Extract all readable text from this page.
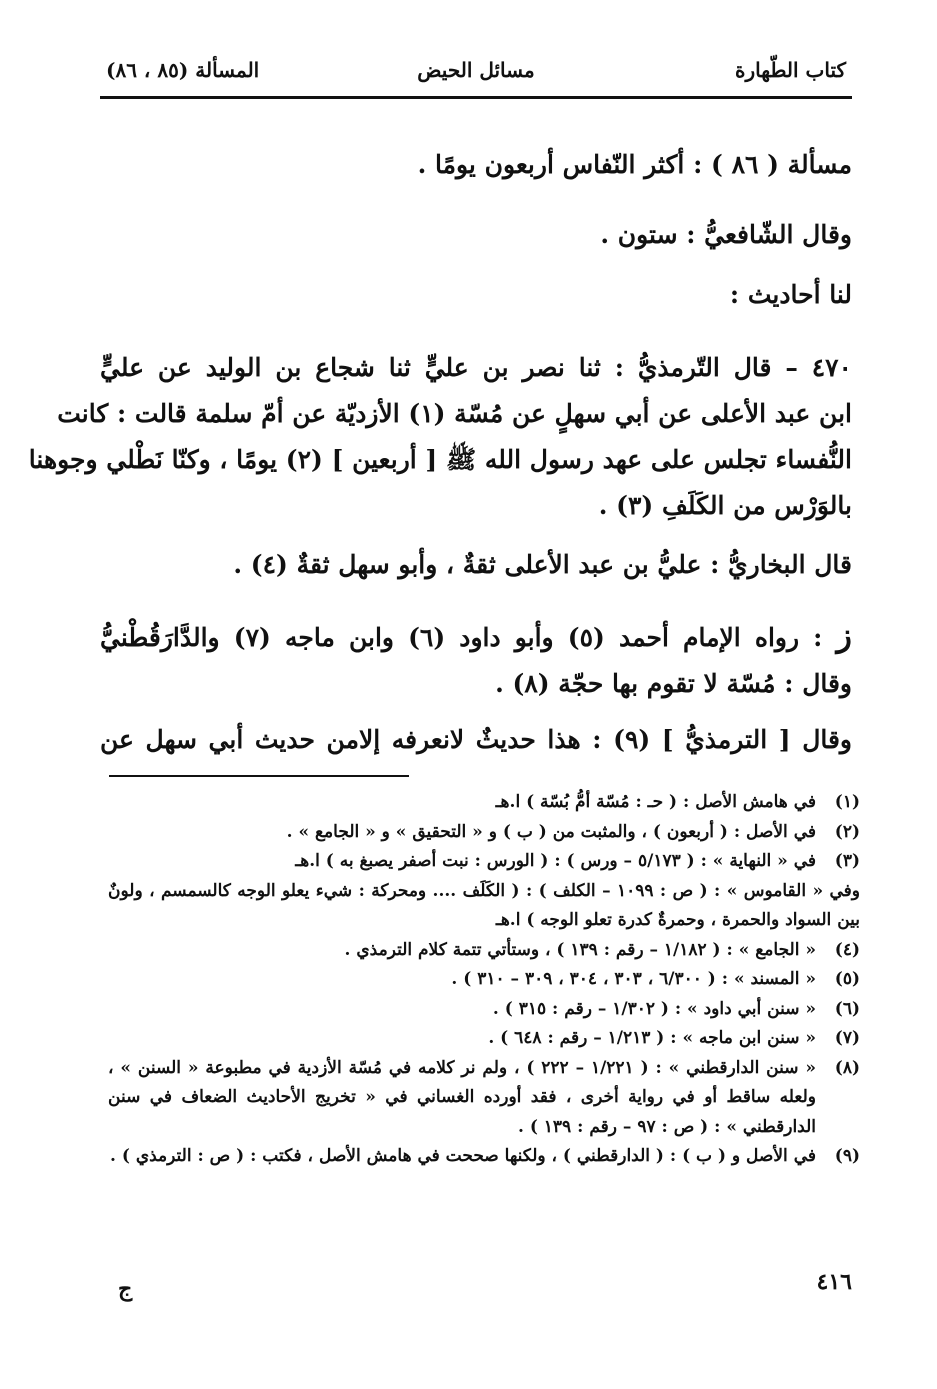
كتاب الطّهارة
مسائل الحيض
المسألة (٨٥ ، ٨٦)
مسألة ( ٨٦ ) : أكثر النّفاس أربعون يومًا .
وقال الشّافعيُّ : ستون .
لنا أحاديث :
٤٧٠ – قال التّرمذيُّ : ثنا نصر بن عليٍّ ثنا شجاع بن الوليد عن عليٍّ
ابن عبد الأعلى عن أبي سهلٍ عن مُسّة (١) الأزديّة عن أمّ سلمة قالت : كانت
النُّفساء تجلس على عهد رسول الله ﷺ [ أربعين ] (٢) يومًا ، وكنّا نَطْلي وجوهنا
بالوَرْس من الكَلَفِ (٣) .
قال البخاريُّ : عليُّ بن عبد الأعلى ثقةٌ ، وأبو سهل ثقةٌ (٤) .
ز : رواه الإمام أحمد (٥) وأبو داود (٦) وابن ماجه (٧) والدَّارَقُطْنيُّ
وقال : مُسّة لا تقوم بها حجّة (٨) .
وقال [ الترمذيُّ ] (٩) : هذا حديثٌ لانعرفه إلامن حديث أبي سهل عن
(١)
في هامش الأصل : ( حـ : مُسّة أمُّ بُسّة ) ا.هـ
(٢)
في الأصل : ( أربعون ) ، والمثبت من ( ب ) و « التحقيق » و « الجامع » .
(٣)
في « النهاية » : ( ٥/١٧٣ – ورس ) : ( الورس : نبت أصفر يصبغ به ) ا.هـ
وفي « القاموس » : ( ص : ١٠٩٩ – الكلف ) : ( الكَلَف .... ومحركة : شيء يعلو الوجه كالسمسم ، ولونٌ بين السواد والحمرة ، وحمرةٌ كدرة تعلو الوجه ) ا.هـ
(٤)
« الجامع » : ( ١/١٨٢ – رقم : ١٣٩ ) ، وستأتي تتمة كلام الترمذي .
(٥)
« المسند » : ( ٦/٣٠٠ ، ٣٠٣ ، ٣٠٤ ، ٣٠٩ – ٣١٠ ) .
(٦)
« سنن أبي داود » : ( ١/٣٠٢ – رقم : ٣١٥ ) .
(٧)
« سنن ابن ماجه » : ( ١/٢١٣ – رقم : ٦٤٨ ) .
(٨)
« سنن الدارقطني » : ( ١/٢٢١ – ٢٢٢ ) ، ولم نر كلامه في مُسّة الأزدية في مطبوعة « السنن » ، ولعله ساقط أو في رواية أخرى ، فقد أورده الغساني في « تخريج الأحاديث الضعاف في سنن الدارقطني » : ( ص : ٩٧ – رقم : ١٣٩ ) .
(٩)
في الأصل و ( ب ) : ( الدارقطني ) ، ولكنها صححت في هامش الأصل ، فكتب : ( ص : الترمذي ) .
٤١٦
ج
